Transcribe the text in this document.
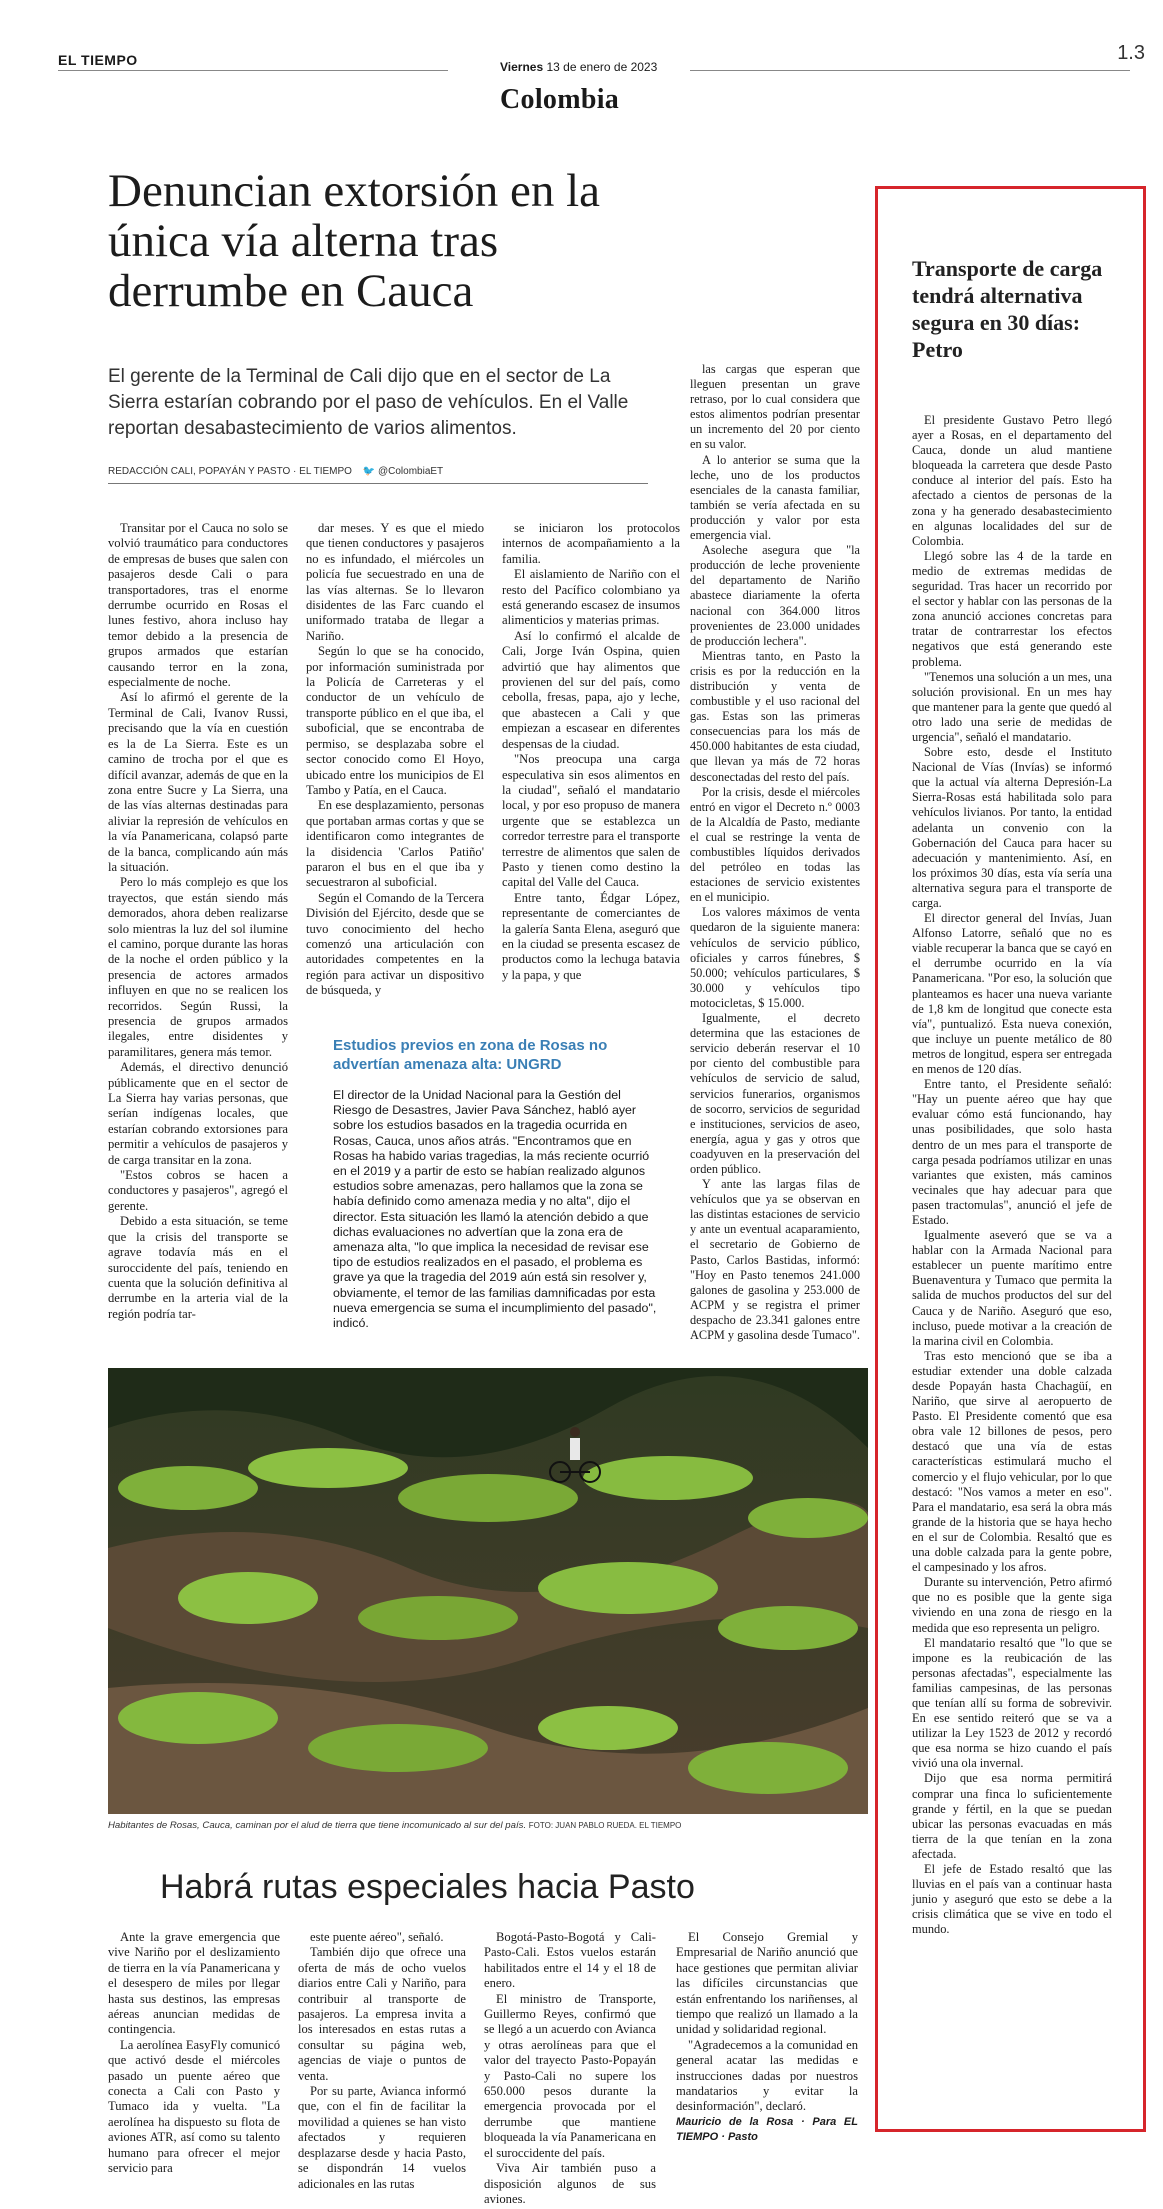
EL TIEMPO	1.3
Viernes 13 de enero de 2023
Colombia
Denuncian extorsión en la única vía alterna tras derrumbe en Cauca
El gerente de la Terminal de Cali dijo que en el sector de La Sierra estarían cobrando por el paso de vehículos. En el Valle reportan desabastecimiento de varios alimentos.
REDACCIÓN CALI, POPAYÁN Y PASTO · EL TIEMPO 🐦 @ColombiaET

Transitar por el Cauca no solo se volvió traumático para conductores de empresas de buses que salen con pasajeros desde Cali o para transportadores, tras el enorme derrumbe ocurrido en Rosas el lunes festivo, ahora incluso hay temor debido a la presencia de grupos armados que estarían causando terror en la zona, especialmente de noche.

Así lo afirmó el gerente de la Terminal de Cali, Ivanov Russi, precisando que la vía en cuestión es la de La Sierra. Este es un camino de trocha por el que es difícil avanzar, además de que en la zona entre Sucre y La Sierra, una de las vías alternas destinadas para aliviar la represión de vehículos en la vía Panamericana, colapsó parte de la banca, complicando aún más la situación.

Pero lo más complejo es que los trayectos, que están siendo más demorados, ahora deben realizarse solo mientras la luz del sol ilumine el camino, porque durante las horas de la noche el orden público y la presencia de actores armados influyen en que no se realicen los recorridos. Según Russi, la presencia de grupos armados ilegales, entre disidentes y paramilitares, genera más temor.

Además, el directivo denunció públicamente que en el sector de La Sierra hay varias personas, que serían indígenas locales, que estarían cobrando extorsiones para permitir a vehículos de pasajeros y de carga transitar en la zona.

"Estos cobros se hacen a conductores y pasajeros", agregó el gerente.

Debido a esta situación, se teme que la crisis del transporte se agrave todavía más en el suroccidente del país, teniendo en cuenta que la solución definitiva al derrumbe en la arteria vial de la región podría tar-

dar meses. Y es que el miedo que tienen conductores y pasajeros no es infundado, el miércoles un policía fue secuestrado en una de las vías alternas. Se lo llevaron disidentes de las Farc cuando el uniformado trataba de llegar a Nariño.

Según lo que se ha conocido, por información suministrada por la Policía de Carreteras y el conductor de un vehículo de transporte público en el que iba, el suboficial, que se encontraba de permiso, se desplazaba sobre el sector conocido como El Hoyo, ubicado entre los municipios de El Tambo y Patía, en el Cauca.

En ese desplazamiento, personas que portaban armas cortas y que se identificaron como integrantes de la disidencia 'Carlos Patiño' pararon el bus en el que iba y secuestraron al suboficial.

Según el Comando de la Tercera División del Ejército, desde que se tuvo conocimiento del hecho comenzó una articulación con autoridades competentes en la región para activar un dispositivo de búsqueda, y

se iniciaron los protocolos internos de acompañamiento a la familia.

El aislamiento de Nariño con el resto del Pacífico colombiano ya está generando escasez de insumos alimenticios y materias primas.

Así lo confirmó el alcalde de Cali, Jorge Iván Ospina, quien advirtió que hay alimentos que provienen del sur del país, como cebolla, fresas, papa, ajo y leche, que abastecen a Cali y que empiezan a escasear en diferentes despensas de la ciudad.

"Nos preocupa una carga especulativa sin esos alimentos en la ciudad", señaló el mandatario local, y por eso propuso de manera urgente que se establezca un corredor terrestre para el transporte terrestre de alimentos que salen de Pasto y tienen como destino la capital del Valle del Cauca.

Entre tanto, Édgar López, representante de comerciantes de la galería Santa Elena, aseguró que en la ciudad se presenta escasez de productos como la lechuga batavia y la papa, y que

las cargas que esperan que lleguen presentan un grave retraso, por lo cual considera que estos alimentos podrían presentar un incremento del 20 por ciento en su valor.

A lo anterior se suma que la leche, uno de los productos esenciales de la canasta familiar, también se vería afectada en su producción y valor por esta emergencia vial.

Asoleche asegura que "la producción de leche proveniente del departamento de Nariño abastece diariamente la oferta nacional con 364.000 litros provenientes de 23.000 unidades de producción lechera".

Mientras tanto, en Pasto la crisis es por la reducción en la distribución y venta de combustible y el uso racional del gas. Estas son las primeras consecuencias para los más de 450.000 habitantes de esta ciudad, que llevan ya más de 72 horas desconectadas del resto del país.

Por la crisis, desde el miércoles entró en vigor el Decreto n.º 0003 de la Alcaldía de Pasto, mediante el cual se restringe la venta de combustibles líquidos derivados del petróleo en todas las estaciones de servicio existentes en el municipio.

Los valores máximos de venta quedaron de la siguiente manera: vehículos de servicio público, oficiales y carros fúnebres, $ 50.000; vehículos particulares, $ 30.000 y vehículos tipo motocicletas, $ 15.000.

Igualmente, el decreto determina que las estaciones de servicio deberán reservar el 10 por ciento del combustible para vehículos de servicio de salud, servicios funerarios, organismos de socorro, servicios de seguridad e instituciones, servicios de aseo, energía, agua y gas y otros que coadyuven en la preservación del orden público.

Y ante las largas filas de vehículos que ya se observan en las distintas estaciones de servicio y ante un eventual acaparamiento, el secretario de Gobierno de Pasto, Carlos Bastidas, informó: "Hoy en Pasto tenemos 241.000 galones de gasolina y 253.000 de ACPM y se registra el primer despacho de 23.341 galones entre ACPM y gasolina desde Tumaco".

Estudios previos en zona de Rosas no advertían amenaza alta: UNGRD
El director de la Unidad Nacional para la Gestión del Riesgo de Desastres, Javier Pava Sánchez, habló ayer sobre los estudios basados en la tragedia ocurrida en Rosas, Cauca, unos años atrás. "Encontramos que en Rosas ha habido varias tragedias, la más reciente ocurrió en el 2019 y a partir de esto se habían realizado algunos estudios sobre amenazas, pero hallamos que la zona se había definido como amenaza media y no alta", dijo el director. Esta situación les llamó la atención debido a que dichas evaluaciones no advertían que la zona era de amenaza alta, "lo que implica la necesidad de revisar ese tipo de estudios realizados en el pasado, el problema es grave ya que la tragedia del 2019 aún está sin resolver y, obviamente, el temor de las familias damnificadas por esta nueva emergencia se suma el incumplimiento del pasado", indicó.
Habitantes de Rosas, Cauca, caminan por el alud de tierra que tiene incomunicado al sur del país. FOTO: JUAN PABLO RUEDA. EL TIEMPO
Habrá rutas especiales hacia Pasto

Ante la grave emergencia que vive Nariño por el deslizamiento de tierra en la vía Panamericana y el desespero de miles por llegar hasta sus destinos, las empresas aéreas anuncian medidas de contingencia.

La aerolínea EasyFly comunicó que activó desde el miércoles pasado un puente aéreo que conecta a Cali con Pasto y Tumaco ida y vuelta. "La aerolínea ha dispuesto su flota de aviones ATR, así como su talento humano para ofrecer el mejor servicio para

este puente aéreo", señaló.

También dijo que ofrece una oferta de más de ocho vuelos diarios entre Cali y Nariño, para contribuir al transporte de pasajeros. La empresa invita a los interesados en estas rutas a consultar su página web, agencias de viaje o puntos de venta.

Por su parte, Avianca informó que, con el fin de facilitar la movilidad a quienes se han visto afectados y requieren desplazarse desde y hacia Pasto, se dispondrán 14 vuelos adicionales en las rutas

Bogotá-Pasto-Bogotá y Cali-Pasto-Cali. Estos vuelos estarán habilitados entre el 14 y el 18 de enero.

El ministro de Transporte, Guillermo Reyes, confirmó que se llegó a un acuerdo con Avianca y otras aerolíneas para que el valor del trayecto Pasto-Popayán y Pasto-Cali no supere los 650.000 pesos durante la emergencia provocada por el derrumbe que mantiene bloqueada la vía Panamericana en el suroccidente del país.

Viva Air también puso a disposición algunos de sus aviones.

El Consejo Gremial y Empresarial de Nariño anunció que hace gestiones que permitan aliviar las difíciles circunstancias que están enfrentando los nariñenses, al tiempo que realizó un llamado a la unidad y solidaridad regional.

"Agradecemos a la comunidad en general acatar las medidas e instrucciones dadas por nuestros mandatarios y evitar la desinformación", declaró.

Mauricio de la Rosa · Para EL TIEMPO · Pasto

Transporte de carga tendrá alternativa segura en 30 días: Petro

El presidente Gustavo Petro llegó ayer a Rosas, en el departamento del Cauca, donde un alud mantiene bloqueada la carretera que desde Pasto conduce al interior del país. Esto ha afectado a cientos de personas de la zona y ha generado desabastecimiento en algunas localidades del sur de Colombia.

Llegó sobre las 4 de la tarde en medio de extremas medidas de seguridad. Tras hacer un recorrido por el sector y hablar con las personas de la zona anunció acciones concretas para tratar de contrarrestar los efectos negativos que está generando este problema.

"Tenemos una solución a un mes, una solución provisional. En un mes hay que mantener para la gente que quedó al otro lado una serie de medidas de urgencia", señaló el mandatario.

Sobre esto, desde el Instituto Nacional de Vías (Invías) se informó que la actual vía alterna Depresión-La Sierra-Rosas está habilitada solo para vehículos livianos. Por tanto, la entidad adelanta un convenio con la Gobernación del Cauca para hacer su adecuación y mantenimiento. Así, en los próximos 30 días, esta vía sería una alternativa segura para el transporte de carga.

El director general del Invías, Juan Alfonso Latorre, señaló que no es viable recuperar la banca que se cayó en el derrumbe ocurrido en la vía Panamericana. "Por eso, la solución que planteamos es hacer una nueva variante de 1,8 km de longitud que conecte esta vía", puntualizó. Esta nueva conexión, que incluye un puente metálico de 80 metros de longitud, espera ser entregada en menos de 120 días.

Entre tanto, el Presidente señaló: "Hay un puente aéreo que hay que evaluar cómo está funcionando, hay unas posibilidades, que solo hasta dentro de un mes para el transporte de carga pesada podríamos utilizar en unas variantes que existen, más caminos vecinales que hay adecuar para que pasen tractomulas", anunció el jefe de Estado.

Igualmente aseveró que se va a hablar con la Armada Nacional para establecer un puente marítimo entre Buenaventura y Tumaco que permita la salida de muchos productos del sur del Cauca y de Nariño. Aseguró que eso, incluso, puede motivar a la creación de la marina civil en Colombia.

Tras esto mencionó que se iba a estudiar extender una doble calzada desde Popayán hasta Chachagüí, en Nariño, que sirve al aeropuerto de Pasto. El Presidente comentó que esa obra vale 12 billones de pesos, pero destacó que una vía de estas características estimulará mucho el comercio y el flujo vehicular, por lo que destacó: "Nos vamos a meter en eso". Para el mandatario, esa será la obra más grande de la historia que se haya hecho en el sur de Colombia. Resaltó que es una doble calzada para la gente pobre, el campesinado y los afros.

Durante su intervención, Petro afirmó que no es posible que la gente siga viviendo en una zona de riesgo en la medida que eso representa un peligro.

El mandatario resaltó que "lo que se impone es la reubicación de las personas afectadas", especialmente las familias campesinas, de las personas que tenían allí su forma de sobrevivir. En ese sentido reiteró que se va a utilizar la Ley 1523 de 2012 y recordó que esa norma se hizo cuando el país vivió una ola invernal.

Dijo que esa norma permitirá comprar una finca lo suficientemente grande y fértil, en la que se puedan ubicar las personas evacuadas en más tierra de la que tenían en la zona afectada.

El jefe de Estado resaltó que las lluvias en el país van a continuar hasta junio y aseguró que esto se debe a la crisis climática que se vive en todo el mundo.
